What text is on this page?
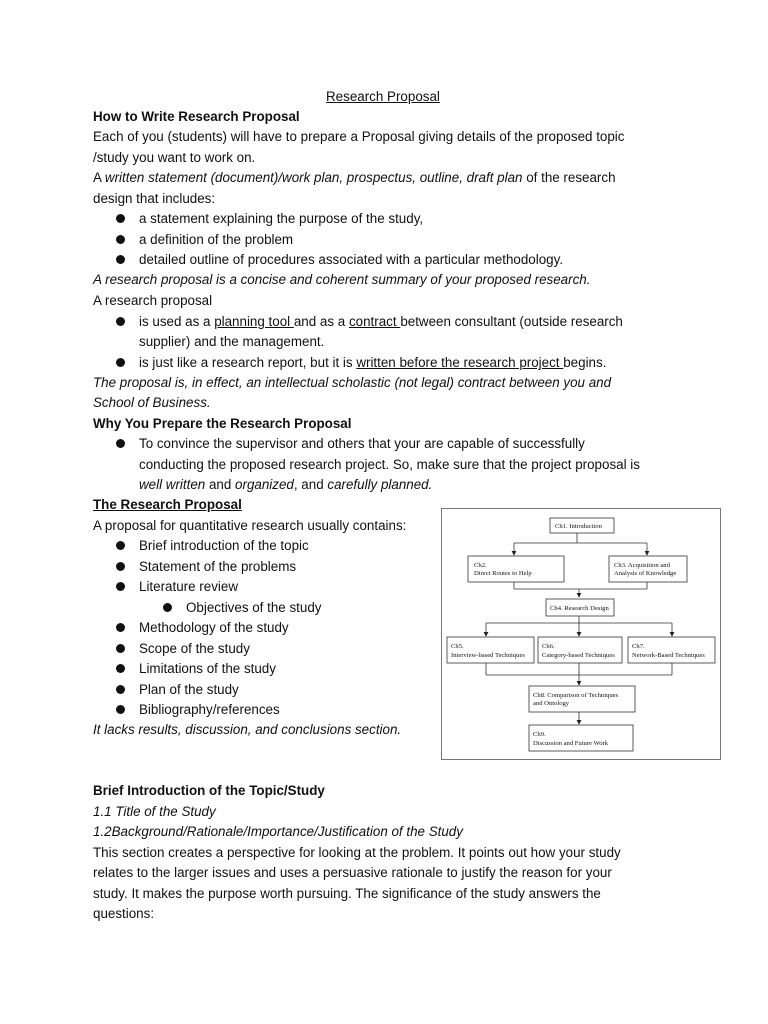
Research Proposal
How to Write Research Proposal
Each of you (students) will have to prepare a Proposal giving details of the proposed topic
/study you want to work on.
A written statement (document)/work plan, prospectus, outline, draft plan of the research
design that includes:
a statement explaining the purpose of the study,
a definition of the problem
detailed outline of procedures associated with a particular methodology.
A research proposal is a concise and coherent summary of your proposed research.
A research proposal
is used as a planning tool and as a contract between consultant (outside research
supplier) and the management.
is just like a research report, but it is written before the research project begins.
The proposal is, in effect, an intellectual scholastic (not legal) contract between you and
School of Business.
Why You Prepare the Research Proposal
To convince the supervisor and others that your are capable of successfully
conducting the proposed research project. So, make sure that the project proposal is
well written and organized, and carefully planned.
The Research Proposal
A proposal for quantitative research usually contains:
Brief introduction of the topic
Statement of the problems
Literature review
Objectives of the study
Methodology of the study
Scope of the study
Limitations of the study
Plan of the study
Bibliography/references
It lacks results, discussion, and conclusions section.
Ch1. Introduction
Ch2.
Direct Routes to Help
Ch3. Acquisition and
Analysis of Knowledge
Ch4. Research Design
Ch5.
Interview-based Techniques
Ch6.
Category-based Techniques
Ch7.
Network-Based Techniques
Ch8. Comparison of Techniques
and Ontology
Ch9.
Discussion and Future Work
Brief Introduction of the Topic/Study
1.1 Title of the Study
1.2Background/Rationale/Importance/Justification of the Study
This section creates a perspective for looking at the problem. It points out how your study
relates to the larger issues and uses a persuasive rationale to justify the reason for your
study. It makes the purpose worth pursuing. The significance of the study answers the
questions:
